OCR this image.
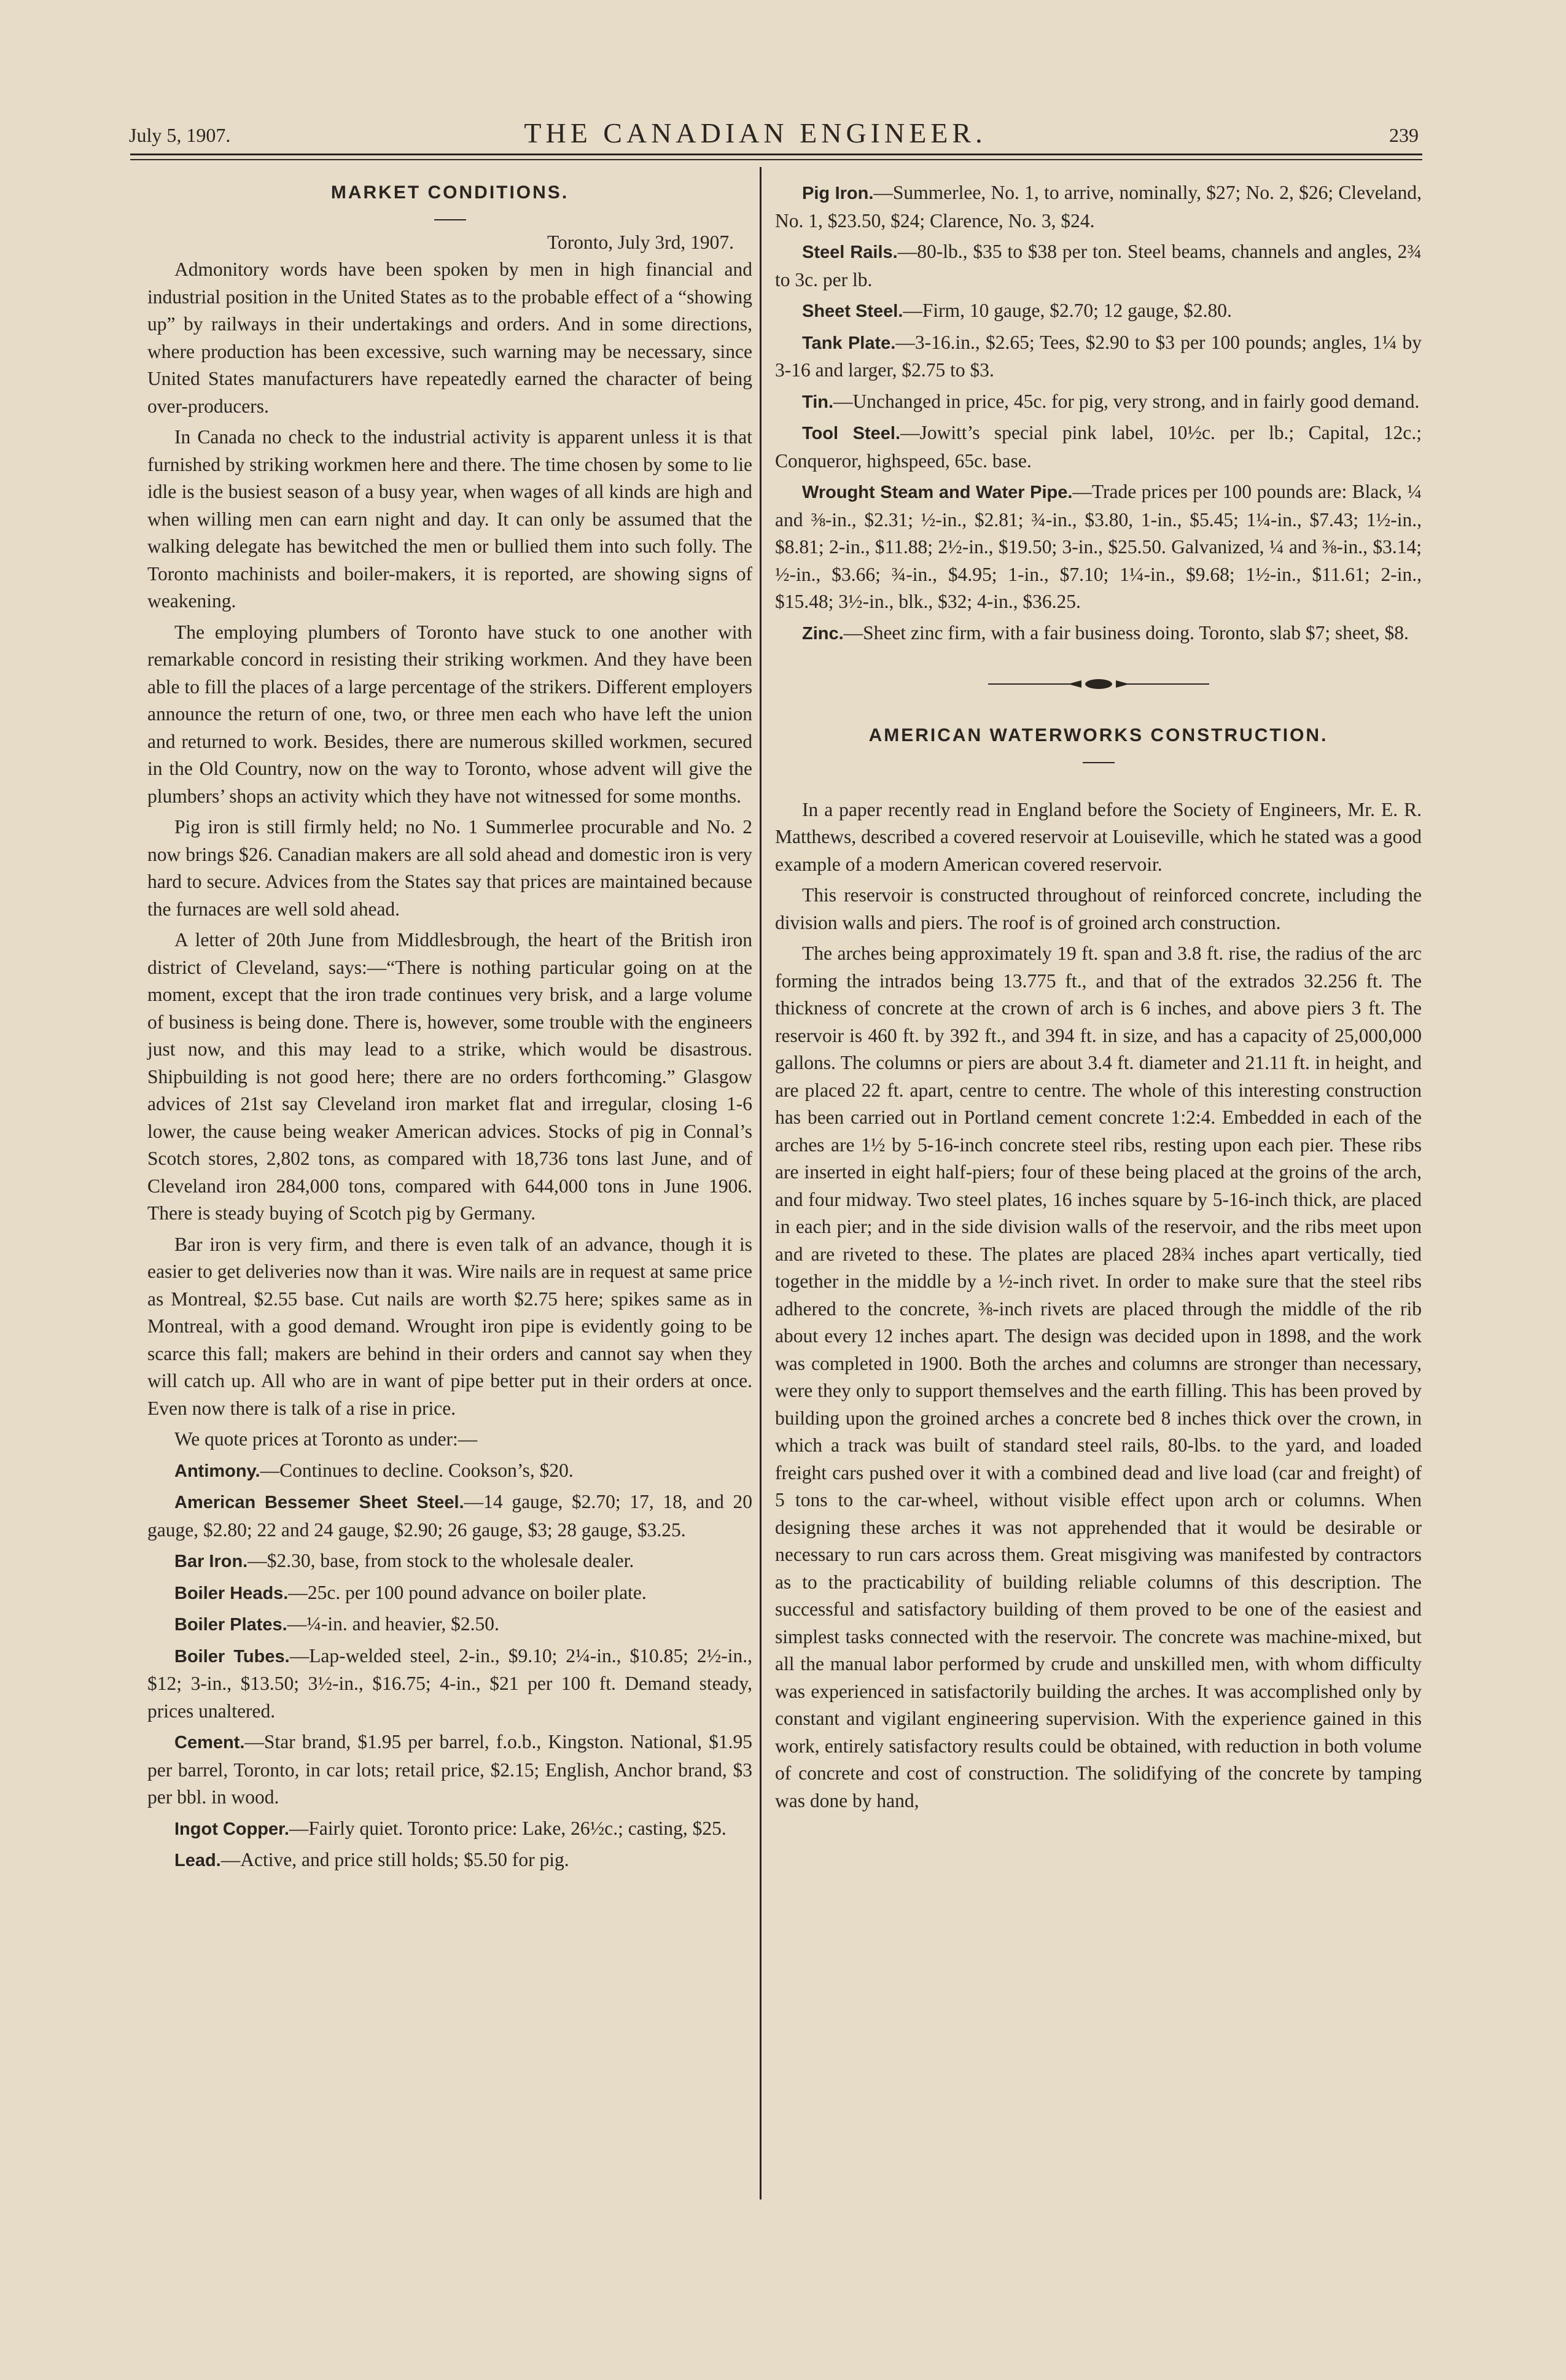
July 5, 1907.	THE CANADIAN ENGINEER.	239
MARKET CONDITIONS.

Toronto, July 3rd, 1907.

Admonitory words have been spoken by men in high financial and industrial position in the United States as to the probable effect of a “showing up” by railways in their undertakings and orders. And in some directions, where production has been excessive, such warning may be necessary, since United States manufacturers have repeatedly earned the character of being over-producers.

In Canada no check to the industrial activity is apparent unless it is that furnished by striking workmen here and there. The time chosen by some to lie idle is the busiest season of a busy year, when wages of all kinds are high and when willing men can earn night and day. It can only be assumed that the walking delegate has bewitched the men or bullied them into such folly. The Toronto machinists and boiler-makers, it is reported, are showing signs of weakening.

The employing plumbers of Toronto have stuck to one another with remarkable concord in resisting their striking workmen. And they have been able to fill the places of a large percentage of the strikers. Different employers announce the return of one, two, or three men each who have left the union and returned to work. Besides, there are numerous skilled workmen, secured in the Old Country, now on the way to Toronto, whose advent will give the plumbers’ shops an activity which they have not witnessed for some months.

Pig iron is still firmly held; no No. 1 Summerlee procurable and No. 2 now brings $26. Canadian makers are all sold ahead and domestic iron is very hard to secure. Advices from the States say that prices are maintained because the furnaces are well sold ahead.

A letter of 20th June from Middlesbrough, the heart of the British iron district of Cleveland, says:—“There is nothing particular going on at the moment, except that the iron trade continues very brisk, and a large volume of business is being done. There is, however, some trouble with the engineers just now, and this may lead to a strike, which would be disastrous. Shipbuilding is not good here; there are no orders forthcoming.” Glasgow advices of 21st say Cleveland iron market flat and irregular, closing 1-6 lower, the cause being weaker American advices. Stocks of pig in Connal’s Scotch stores, 2,802 tons, as compared with 18,736 tons last June, and of Cleveland iron 284,000 tons, compared with 644,000 tons in June 1906. There is steady buying of Scotch pig by Germany.

Bar iron is very firm, and there is even talk of an advance, though it is easier to get deliveries now than it was. Wire nails are in request at same price as Montreal, $2.55 base. Cut nails are worth $2.75 here; spikes same as in Montreal, with a good demand. Wrought iron pipe is evidently going to be scarce this fall; makers are behind in their orders and cannot say when they will catch up. All who are in want of pipe better put in their orders at once. Even now there is talk of a rise in price.

We quote prices at Toronto as under:—

Antimony.—Continues to decline. Cookson’s, $20.

American Bessemer Sheet Steel.—14 gauge, $2.70; 17, 18, and 20 gauge, $2.80; 22 and 24 gauge, $2.90; 26 gauge, $3; 28 gauge, $3.25.

Bar Iron.—$2.30, base, from stock to the wholesale dealer.

Boiler Heads.—25c. per 100 pound advance on boiler plate.

Boiler Plates.—¼-in. and heavier, $2.50.

Boiler Tubes.—Lap-welded steel, 2-in., $9.10; 2¼-in., $10.85; 2½-in., $12; 3-in., $13.50; 3½-in., $16.75; 4-in., $21 per 100 ft. Demand steady, prices unaltered.

Cement.—Star brand, $1.95 per barrel, f.o.b., Kingston. National, $1.95 per barrel, Toronto, in car lots; retail price, $2.15; English, Anchor brand, $3 per bbl. in wood.

Ingot Copper.—Fairly quiet. Toronto price: Lake, 26½c.; casting, $25.

Lead.—Active, and price still holds; $5.50 for pig.

Pig Iron.—Summerlee, No. 1, to arrive, nominally, $27; No. 2, $26; Cleveland, No. 1, $23.50, $24; Clarence, No. 3, $24.

Steel Rails.—80-lb., $35 to $38 per ton. Steel beams, channels and angles, 2¾ to 3c. per lb.

Sheet Steel.—Firm, 10 gauge, $2.70; 12 gauge, $2.80.

Tank Plate.—3-16.in., $2.65; Tees, $2.90 to $3 per 100 pounds; angles, 1¼ by 3-16 and larger, $2.75 to $3.

Tin.—Unchanged in price, 45c. for pig, very strong, and in fairly good demand.

Tool Steel.—Jowitt’s special pink label, 10½c. per lb.; Capital, 12c.; Conqueror, highspeed, 65c. base.

Wrought Steam and Water Pipe.—Trade prices per 100 pounds are: Black, ¼ and ⅜-in., $2.31; ½-in., $2.81; ¾-in., $3.80, 1-in., $5.45; 1¼-in., $7.43; 1½-in., $8.81; 2-in., $11.88; 2½-in., $19.50; 3-in., $25.50. Galvanized, ¼ and ⅜-in., $3.14; ½-in., $3.66; ¾-in., $4.95; 1-in., $7.10; 1¼-in., $9.68; 1½-in., $11.61; 2-in., $15.48; 3½-in., blk., $32; 4-in., $36.25.

Zinc.—Sheet zinc firm, with a fair business doing. Toronto, slab $7; sheet, $8.

AMERICAN WATERWORKS CONSTRUCTION.

In a paper recently read in England before the Society of Engineers, Mr. E. R. Matthews, described a covered reservoir at Louiseville, which he stated was a good example of a modern American covered reservoir.

This reservoir is constructed throughout of reinforced concrete, including the division walls and piers. The roof is of groined arch construction.

The arches being approximately 19 ft. span and 3.8 ft. rise, the radius of the arc forming the intrados being 13.775 ft., and that of the extrados 32.256 ft. The thickness of concrete at the crown of arch is 6 inches, and above piers 3 ft. The reservoir is 460 ft. by 392 ft., and 394 ft. in size, and has a capacity of 25,000,000 gallons. The columns or piers are about 3.4 ft. diameter and 21.11 ft. in height, and are placed 22 ft. apart, centre to centre. The whole of this interesting construction has been carried out in Portland cement concrete 1:2:4. Embedded in each of the arches are 1½ by 5-16-inch concrete steel ribs, resting upon each pier. These ribs are inserted in eight half-piers; four of these being placed at the groins of the arch, and four midway. Two steel plates, 16 inches square by 5-16-inch thick, are placed in each pier; and in the side division walls of the reservoir, and the ribs meet upon and are riveted to these. The plates are placed 28¾ inches apart vertically, tied together in the middle by a ½-inch rivet. In order to make sure that the steel ribs adhered to the concrete, ⅜-inch rivets are placed through the middle of the rib about every 12 inches apart. The design was decided upon in 1898, and the work was completed in 1900. Both the arches and columns are stronger than necessary, were they only to support themselves and the earth filling. This has been proved by building upon the groined arches a concrete bed 8 inches thick over the crown, in which a track was built of standard steel rails, 80-lbs. to the yard, and loaded freight cars pushed over it with a combined dead and live load (car and freight) of 5 tons to the car-wheel, without visible effect upon arch or columns. When designing these arches it was not apprehended that it would be desirable or necessary to run cars across them. Great misgiving was manifested by contractors as to the practicability of building reliable columns of this description. The successful and satisfactory building of them proved to be one of the easiest and simplest tasks connected with the reservoir. The concrete was machine-mixed, but all the manual labor performed by crude and unskilled men, with whom difficulty was experienced in satisfactorily building the arches. It was accomplished only by constant and vigilant engineering supervision. With the experience gained in this work, entirely satisfactory results could be obtained, with reduction in both volume of concrete and cost of construction. The solidifying of the concrete by tamping was done by hand,
